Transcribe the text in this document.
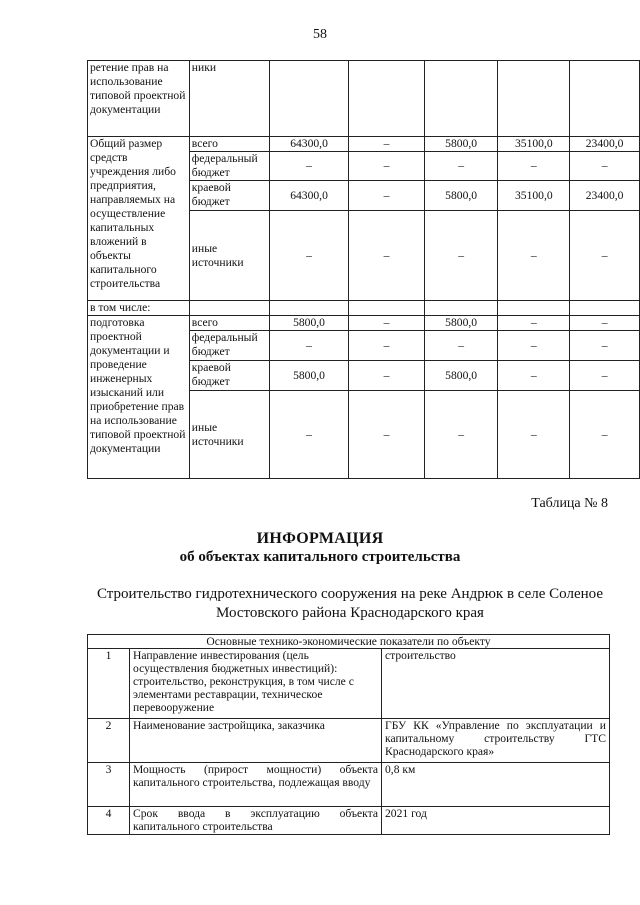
58
ретение прав на использование типовой проектной документации	ники					
Общий размер средств учреждения либо предприятия, направляемых на осуществление капитальных вложений в объекты капитального строительства	всего	64300,0	–	5800,0	35100,0	23400,0
	федеральный бюджет	–	–	–	–	–
	краевой бюджет	64300,0	–	5800,0	35100,0	23400,0
	иные источники	–	–	–	–	–
в том числе:						
подготовка проектной документации и проведение инженерных изысканий или приобретение прав на использование типовой проектной документации	всего	5800,0	–	5800,0	–	–
	федеральный бюджет	–	–	–	–	–
	краевой бюджет	5800,0	–	5800,0	–	–
	иные источники	–	–	–	–	–
Таблица № 8
ИНФОРМАЦИЯ
об объектах капитального строительства
Строительство гидротехнического сооружения на реке Андрюк в селе Соленое
Мостовского района Краснодарского края
Основные технико-экономические показатели по объекту		
1	Направление инвестирования (цель осуществления бюджетных инвестиций): строительство, реконструкция, в том числе с элементами реставрации, техническое перевооружение	строительство
2	Наименование застройщика, заказчика	ГБУ КК «Управление по эксплуатации и капитальному строительству ГТС Краснодарского края»
3	Мощность (прирост мощности) объекта капитального строительства, подлежащая вводу	0,8 км
4	Срок ввода в эксплуатацию объекта капитального строительства	2021 год
